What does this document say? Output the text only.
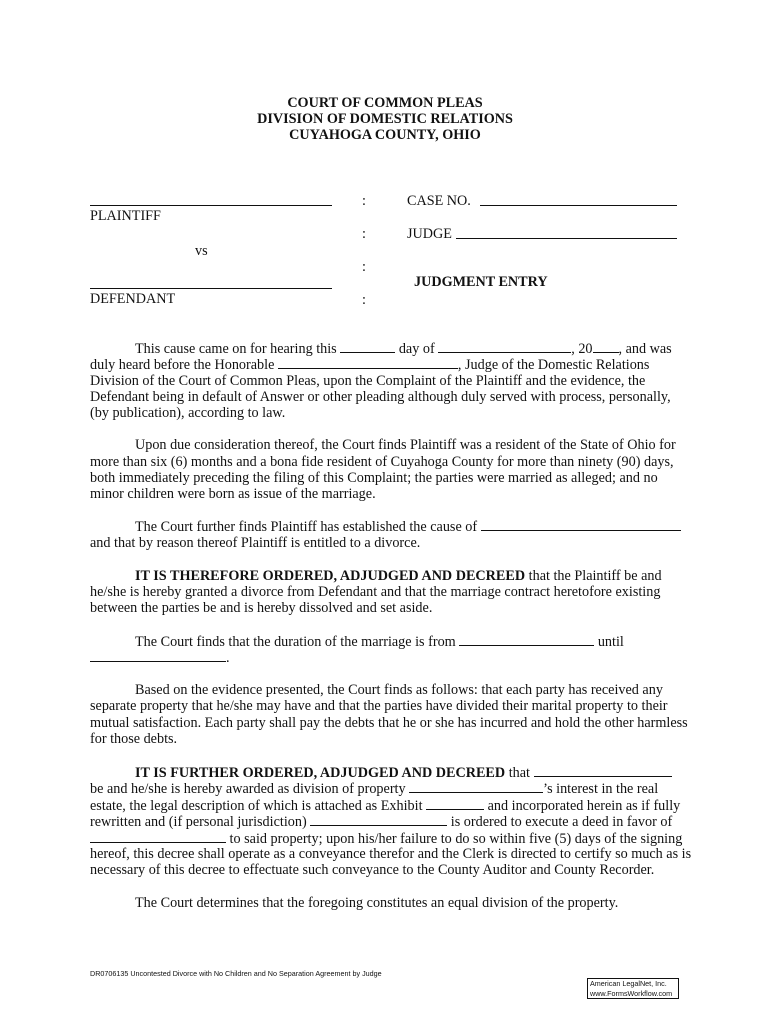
COURT OF COMMON PLEAS
DIVISION OF DOMESTIC RELATIONS
CUYAHOGA COUNTY, OHIO
PLAINTIFF
vs
DEFENDANT
:
:
:
:
CASE NO.
JUDGE
JUDGMENT ENTRY
This cause came on for hearing this	day of	, 20 , and was
duly heard before the Honorable	, Judge of the Domestic Relations
Division of the Court of Common Pleas, upon the Complaint of the Plaintiff and the evidence, the
Defendant being in default of Answer or other pleading although duly served with process, personally,
(by publication), according to law.
Upon due consideration thereof, the Court finds Plaintiff was a resident of the State of Ohio for
more than six (6) months and a bona fide resident of Cuyahoga County for more than ninety (90) days,
both immediately preceding the filing of this Complaint; the parties were married as alleged; and no
minor children were born as issue of the marriage.
The Court further finds Plaintiff has established the cause of
and that by reason thereof Plaintiff is entitled to a divorce.
IT IS THEREFORE ORDERED, ADJUDGED AND DECREED that the Plaintiff be and
he/she is hereby granted a divorce from Defendant and that the marriage contract heretofore existing
between the parties be and is hereby dissolved and set aside.
The Court finds that the duration of the marriage is from	until
.
Based on the evidence presented, the Court finds as follows: that each party has received any
separate property that he/she may have and that the parties have divided their marital property to their
mutual satisfaction. Each party shall pay the debts that he or she has incurred and hold the other harmless
for those debts.
IT IS FURTHER ORDERED, ADJUDGED AND DECREED that
be and he/she is hereby awarded as division of property	’s interest in the real
estate, the legal description of which is attached as Exhibit	and incorporated herein as if fully
rewritten and (if personal jurisdiction)	is ordered to execute a deed in favor of
to said property; upon his/her failure to do so within five (5) days of the signing
hereof, this decree shall operate as a conveyance therefor and the Clerk is directed to certify so much as is
necessary of this decree to effectuate such conveyance to the County Auditor and County Recorder.
The Court determines that the foregoing constitutes an equal division of the property.
DR0706135 Uncontested Divorce with No Children and No Separation Agreement by Judge
American LegalNet, Inc.
www.FormsWorkflow.com
